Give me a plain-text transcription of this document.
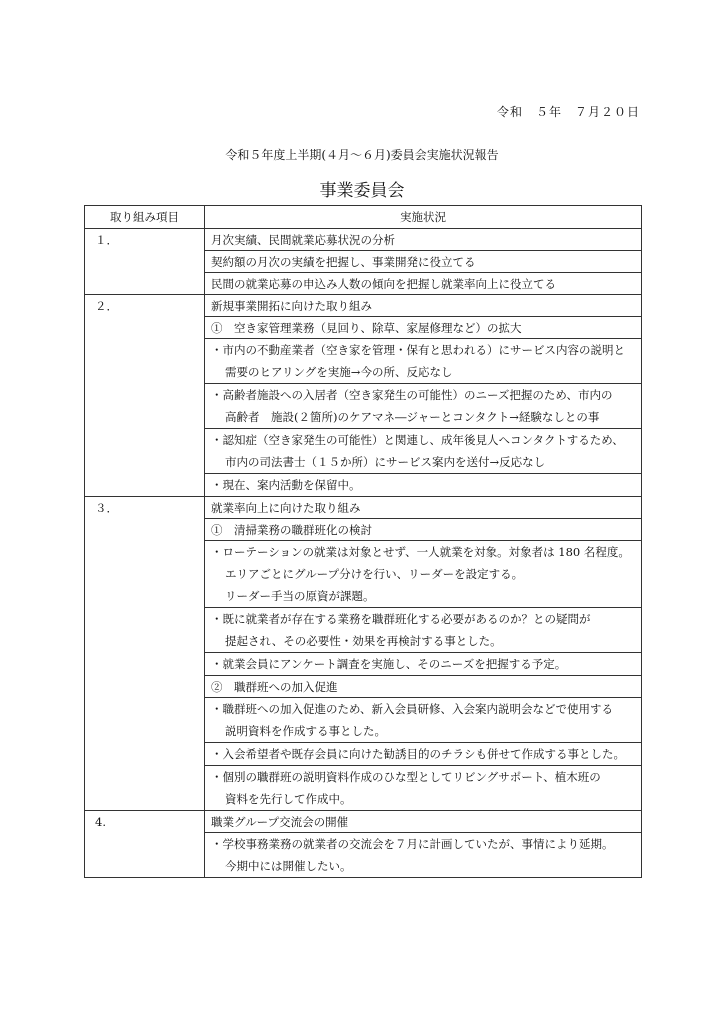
令和　５年　７月２０日
令和５年度上半期(４月～６月)委員会実施状況報告
事業委員会
取り組み項目	実施状況
１．	月次実績、民間就業応募状況の分析
	契約額の月次の実績を把握し、事業開発に役立てる
	民間の就業応募の申込み人数の傾向を把握し就業率向上に役立てる
２．	新規事業開拓に向けた取り組み
	①　空き家管理業務（見回り、除草、家屋修理など）の拡大

	・市内の不動産業者（空き家を管理・保有と思われる）にサービス内容の説明と
需要のヒアリングを実施→今の所、反応なし

	・高齢者施設への入居者（空き家発生の可能性）のニーズ把握のため、市内の
高齢者　施設(２箇所)のケアマネ―ジャーとコンタクト→経験なしとの事

	・認知症（空き家発生の可能性）と関連し、成年後見人へコンタクトするため、
市内の司法書士（１５か所）にサービス案内を送付→反応なし

	・現在、案内活動を保留中。

３．	就業率向上に向けた取り組み
	①　清掃業務の職群班化の検討

	・ローテーションの就業は対象とせず、一人就業を対象。対象者は 180 名程度。
エリアごとにグループ分けを行い、リーダーを設定する。
リーダー手当の原資が課題。

	・既に就業者が存在する業務を職群班化する必要があるのか？との疑問が
提起され、その必要性・効果を再検討する事とした。

	・就業会員にアンケート調査を実施し、そのニーズを把握する予定。

	②　職群班への加入促進

	・職群班への加入促進のため、新入会員研修、入会案内説明会などで使用する
説明資料を作成する事とした。

	・入会希望者や既存会員に向けた勧誘目的のチラシも併せて作成する事とした。

	・個別の職群班の説明資料作成のひな型としてリビングサポート、植木班の
資料を先行して作成中。

4.	職業グループ交流会の開催

	・学校事務業務の就業者の交流会を７月に計画していたが、事情により延期。
今期中には開催したい。
